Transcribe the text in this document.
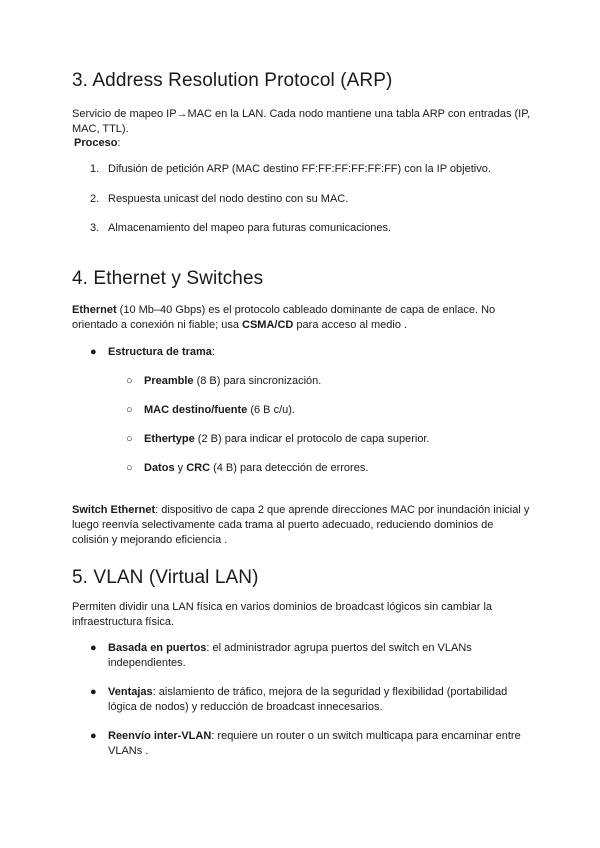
3. Address Resolution Protocol (ARP)

Servicio de mapeo IP→MAC en la LAN. Cada nodo mantiene una tabla ARP con entradas (IP, MAC, TTL).

Proceso:

1. Difusión de petición ARP (MAC destino FF:FF:FF:FF:FF:FF) con la IP objetivo.
2. Respuesta unicast del nodo destino con su MAC.
3. Almacenamiento del mapeo para futuras comunicaciones.
4. Ethernet y Switches

Ethernet (10 Mb–40 Gbps) es el protocolo cableado dominante de capa de enlace. No orientado a conexión ni fiable; usa CSMA/CD para acceso al medio .

● Estructura de trama:
○ Preamble (8 B) para sincronización.
○ MAC destino/fuente (6 B c/u).
○ Ethertype (2 B) para indicar el protocolo de capa superior.
○ Datos y CRC (4 B) para detección de errores.

Switch Ethernet: dispositivo de capa 2 que aprende direcciones MAC por inundación inicial y luego reenvía selectivamente cada trama al puerto adecuado, reduciendo dominios de colisión y mejorando eficiencia .

5. VLAN (Virtual LAN)

Permiten dividir una LAN física en varios dominios de broadcast lógicos sin cambiar la infraestructura física.

● Basada en puertos: el administrador agrupa puertos del switch en VLANs independientes.
● Ventajas: aislamiento de tráfico, mejora de la seguridad y flexibilidad (portabilidad lógica de nodos) y reducción de broadcast innecesarios.
● Reenvío inter-VLAN: requiere un router o un switch multicapa para encaminar entre VLANs .
